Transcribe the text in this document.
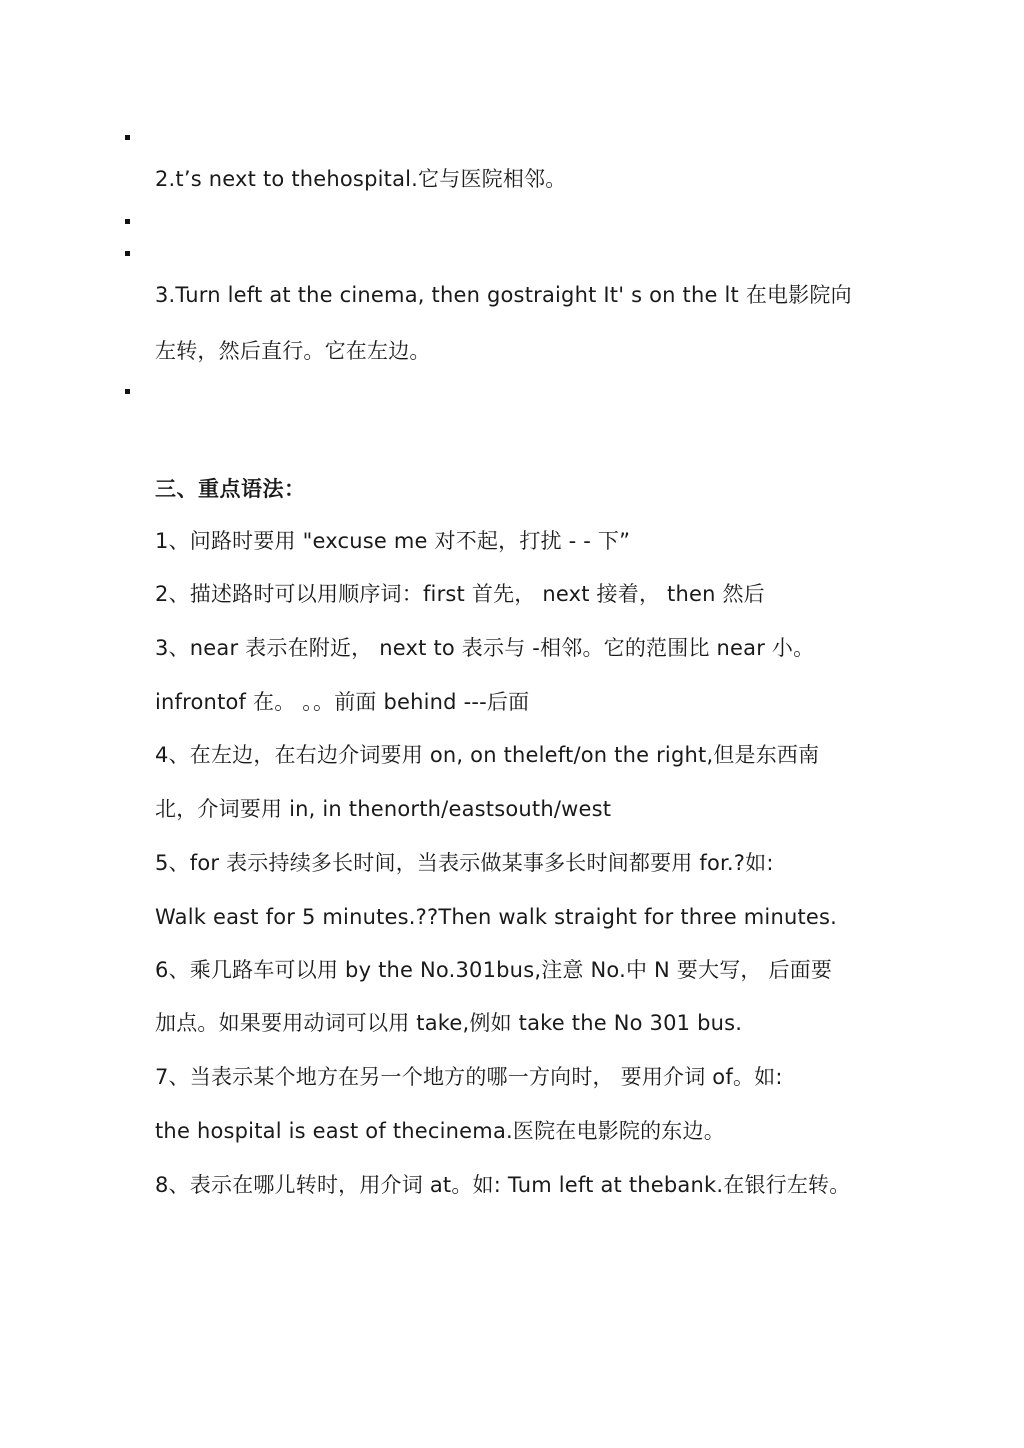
2.t’s next to thehospital.它与医院相邻。
3.Turn left at the cinema, then gostraight It' s on the lt 在电影院向
左转，然后直行。它在左边。
三、重点语法：
1、问路时要用 "excuse me 对不起，打扰 - - 下”
2、描述路时可以用顺序词：first 首先， next 接着， then 然后
3、near 表示在附近， next to 表示与 -相邻。它的范围比 near 小。
infrontof 在。 。。前面 behind ---后面
4、在左边，在右边介词要用 on, on theleft/on the right,但是东西南
北，介词要用 in, in thenorth/eastsouth/west
5、for 表示持续多长时间，当表示做某事多长时间都要用 for.?如:
Walk east for 5 minutes.??Then walk straight for three minutes.
6、乘几路车可以用 by the No.301bus,注意 No.中 N 要大写， 后面要
加点。如果要用动词可以用 take,例如 take the No 301 bus.
7、当表示某个地方在另一个地方的哪一方向时， 要用介词 of。如:
the hospital is east of thecinema.医院在电影院的东边。
8、表示在哪儿转时，用介词 at。如: Tum left at thebank.在银行左转。
